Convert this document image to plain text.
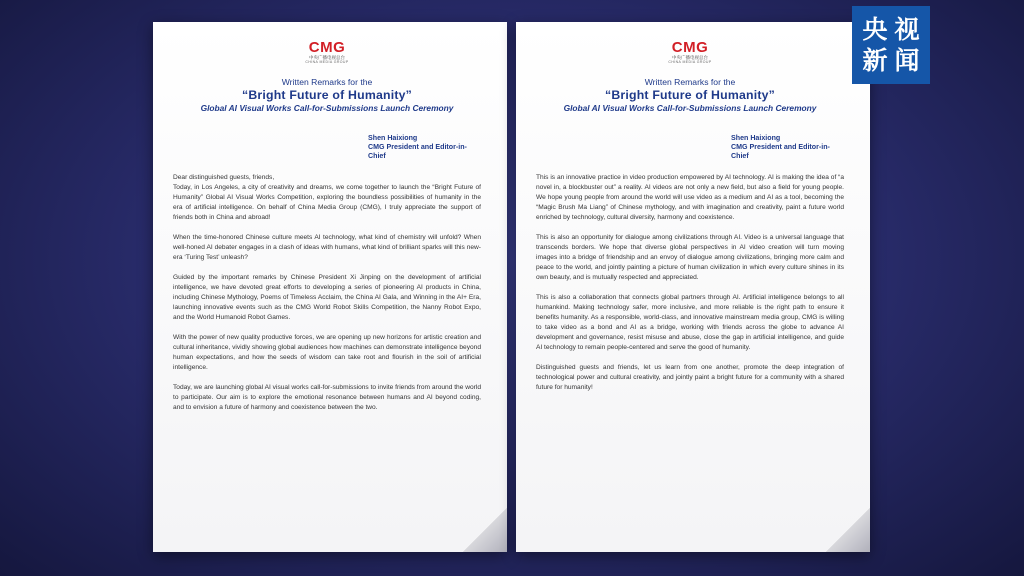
CMG
中央广播电视总台
CHINA MEDIA GROUP
Written Remarks for the
“Bright Future of Humanity”
Global AI Visual Works Call-for-Submissions Launch Ceremony
Shen Haixiong
CMG President and Editor-in-Chief

Dear distinguished guests, friends,

Today, in Los Angeles, a city of creativity and dreams, we come together to launch the “Bright Future of Humanity” Global AI Visual Works Competition, exploring the boundless possibilities of humanity in the era of artificial intelligence. On behalf of China Media Group (CMG), I truly appreciate the support of friends both in China and abroad!

When the time-honored Chinese culture meets AI technology, what kind of chemistry will unfold? When well-honed AI debater engages in a clash of ideas with humans, what kind of brilliant sparks will this new-era ‘Turing Test’ unleash?

Guided by the important remarks by Chinese President Xi Jinping on the development of artificial intelligence, we have devoted great efforts to developing a series of pioneering AI products in China, including Chinese Mythology, Poems of Timeless Acclaim, the China AI Gala, and Winning in the AI+ Era, launching innovative events such as the CMG World Robot Skills Competition, the Nanny Robot Expo, and the World Humanoid Robot Games.

With the power of new quality productive forces, we are opening up new horizons for artistic creation and cultural inheritance, vividly showing global audiences how machines can demonstrate intelligence beyond human expectations, and how the seeds of wisdom can take root and flourish in the soil of artificial intelligence.

Today, we are launching global AI visual works call-for-submissions to invite friends from around the world to participate. Our aim is to explore the emotional resonance between humans and AI beyond coding, and to envision a future of harmony and coexistence between the two.

CMG
中央广播电视总台
CHINA MEDIA GROUP
Written Remarks for the
“Bright Future of Humanity”
Global AI Visual Works Call-for-Submissions Launch Ceremony
Shen Haixiong
CMG President and Editor-in-Chief

This is an innovative practice in video production empowered by AI technology. AI is making the idea of “a novel in, a blockbuster out” a reality. AI videos are not only a new field, but also a field for young people. We hope young people from around the world will use video as a medium and AI as a tool, becoming the “Magic Brush Ma Liang” of Chinese mythology, and with imagination and creativity, paint a future world enriched by technology, cultural diversity, harmony and coexistence.

This is also an opportunity for dialogue among civilizations through AI. Video is a universal language that transcends borders. We hope that diverse global perspectives in AI video creation will turn moving images into a bridge of friendship and an envoy of dialogue among civilizations, bringing more calm and peace to the world, and jointly painting a picture of human civilization in which every culture shines in its own beauty, and is mutually respected and appreciated.

This is also a collaboration that connects global partners through AI. Artificial intelligence belongs to all humankind. Making technology safer, more inclusive, and more reliable is the right path to ensure it benefits humanity. As a responsible, world-class, and innovative mainstream media group, CMG is willing to take video as a bond and AI as a bridge, working with friends across the globe to advance AI development and governance, resist misuse and abuse, close the gap in artificial intelligence, and guide AI technology to remain people-centered and serve the good of humanity.

Distinguished guests and friends, let us learn from one another, promote the deep integration of technological power and cultural creativity, and jointly paint a bright future for a community with a shared future for humanity!

央 视
新 闻
